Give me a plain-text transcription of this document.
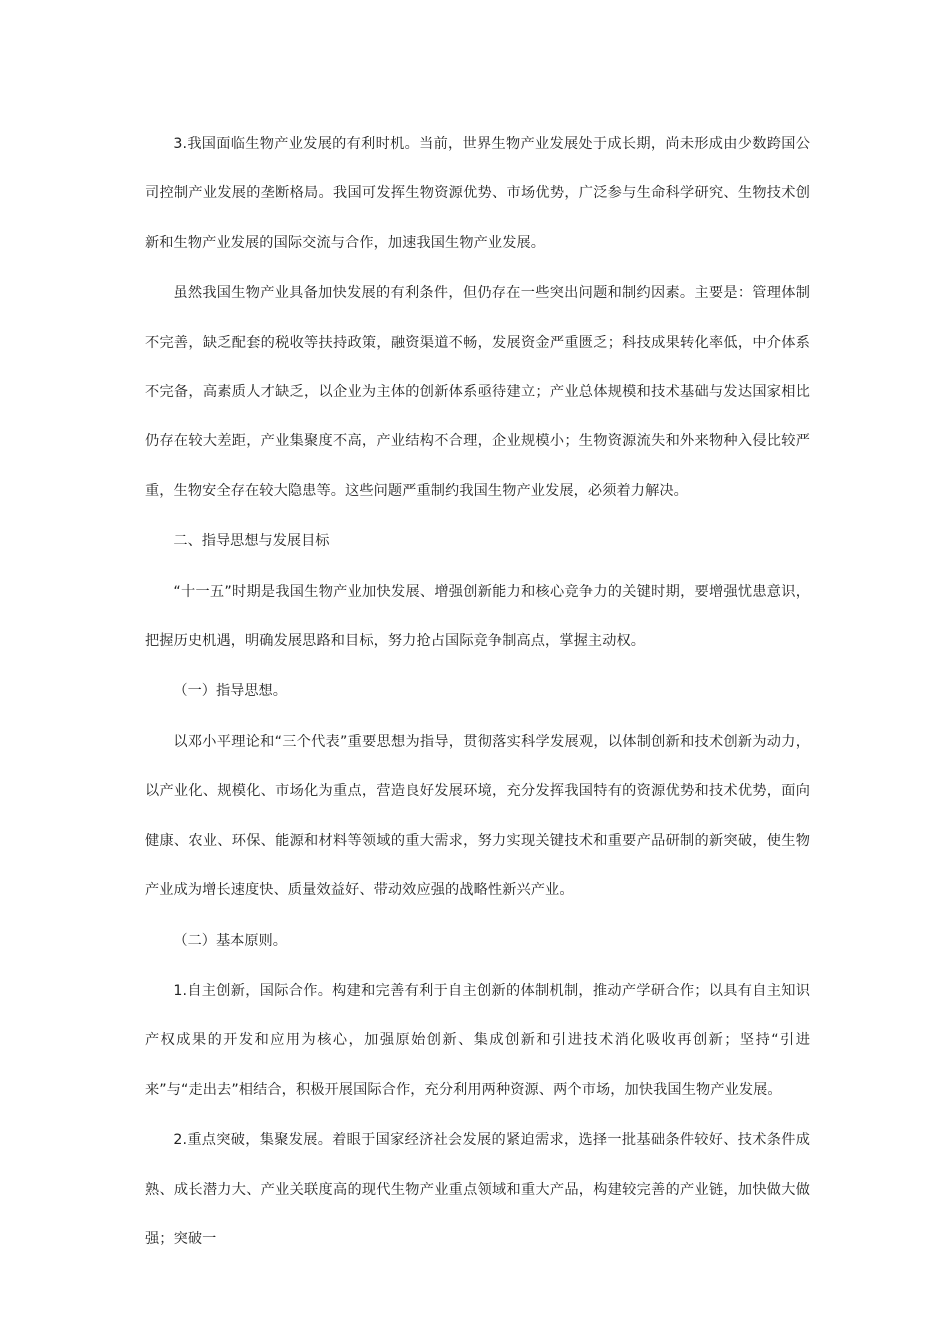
3.我国面临生物产业发展的有利时机。当前，世界生物产业发展处于成长期，尚未形成由少数跨国公司控制产业发展的垄断格局。我国可发挥生物资源优势、市场优势，广泛参与生命科学研究、生物技术创新和生物产业发展的国际交流与合作，加速我国生物产业发展。

虽然我国生物产业具备加快发展的有利条件，但仍存在一些突出问题和制约因素。主要是：管理体制不完善，缺乏配套的税收等扶持政策，融资渠道不畅，发展资金严重匮乏；科技成果转化率低，中介体系不完备，高素质人才缺乏，以企业为主体的创新体系亟待建立；产业总体规模和技术基础与发达国家相比仍存在较大差距，产业集聚度不高，产业结构不合理，企业规模小；生物资源流失和外来物种入侵比较严重，生物安全存在较大隐患等。这些问题严重制约我国生物产业发展，必须着力解决。

二、指导思想与发展目标

“十一五”时期是我国生物产业加快发展、增强创新能力和核心竞争力的关键时期，要增强忧患意识，把握历史机遇，明确发展思路和目标，努力抢占国际竞争制高点，掌握主动权。

（一）指导思想。

以邓小平理论和“三个代表”重要思想为指导，贯彻落实科学发展观，以体制创新和技术创新为动力，以产业化、规模化、市场化为重点，营造良好发展环境，充分发挥我国特有的资源优势和技术优势，面向健康、农业、环保、能源和材料等领域的重大需求，努力实现关键技术和重要产品研制的新突破，使生物产业成为增长速度快、质量效益好、带动效应强的战略性新兴产业。

（二）基本原则。

1.自主创新，国际合作。构建和完善有利于自主创新的体制机制，推动产学研合作；以具有自主知识产权成果的开发和应用为核心，加强原始创新、集成创新和引进技术消化吸收再创新；坚持“引进来”与“走出去”相结合，积极开展国际合作，充分利用两种资源、两个市场，加快我国生物产业发展。

2.重点突破，集聚发展。着眼于国家经济社会发展的紧迫需求，选择一批基础条件较好、技术条件成熟、成长潜力大、产业关联度高的现代生物产业重点领域和重大产品，构建较完善的产业链，加快做大做强；突破一
